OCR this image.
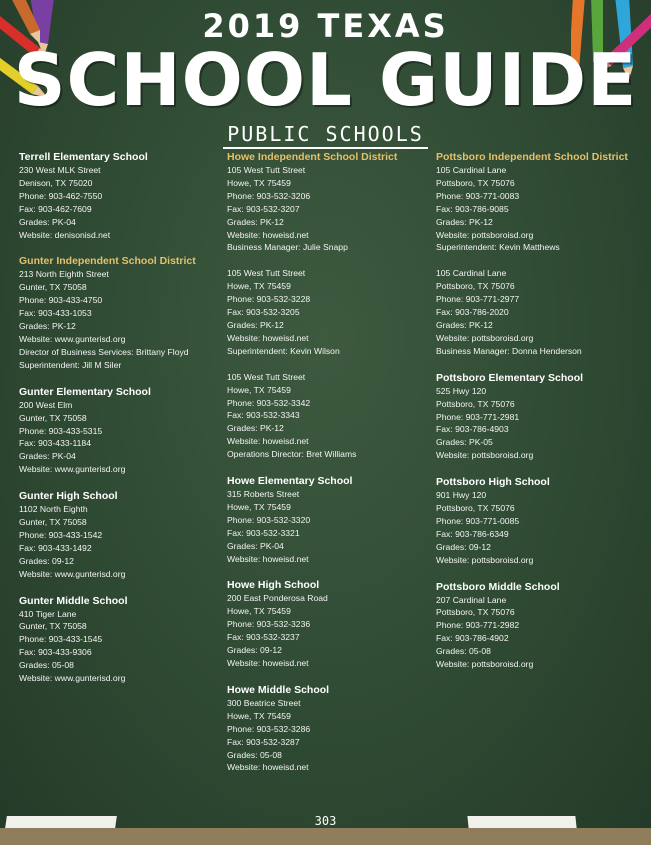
2019 TEXAS
SCHOOL GUIDE
PUBLIC SCHOOLS
Terrell Elementary School
230 West MLK Street
Denison, TX 75020
Phone: 903-462-7550
Fax: 903-462-7609
Grades: PK-04
Website: denisonisd.net
Gunter Independent School District
213 North Eighth Street
Gunter, TX 75058
Phone: 903-433-4750
Fax: 903-433-1053
Grades: PK-12
Website: www.gunterisd.org
Director of Business Services: Brittany Floyd
Superintendent: Jill M Siler
Gunter Elementary School
200 West Elm
Gunter, TX 75058
Phone: 903-433-5315
Fax: 903-433-1184
Grades: PK-04
Website: www.gunterisd.org
Gunter High School
1102 North Eighth
Gunter, TX 75058
Phone: 903-433-1542
Fax: 903-433-1492
Grades: 09-12
Website: www.gunterisd.org
Gunter Middle School
410 Tiger Lane
Gunter, TX 75058
Phone: 903-433-1545
Fax: 903-433-9306
Grades: 05-08
Website: www.gunterisd.org
Howe Independent School District
105 West Tutt Street
Howe, TX 75459
Phone: 903-532-3206
Fax: 903-532-3207
Grades: PK-12
Website: howeisd.net
Business Manager: Julie Snapp
105 West Tutt Street
Howe, TX 75459
Phone: 903-532-3228
Fax: 903-532-3205
Grades: PK-12
Website: howeisd.net
Superintendent: Kevin Wilson
105 West Tutt Street
Howe, TX 75459
Phone: 903-532-3342
Fax: 903-532-3343
Grades: PK-12
Website: howeisd.net
Operations Director: Bret Williams
Howe Elementary School
315 Roberts Street
Howe, TX 75459
Phone: 903-532-3320
Fax: 903-532-3321
Grades: PK-04
Website: howeisd.net
Howe High School
200 East Ponderosa Road
Howe, TX 75459
Phone: 903-532-3236
Fax: 903-532-3237
Grades: 09-12
Website: howeisd.net
Howe Middle School
300 Beatrice Street
Howe, TX 75459
Phone: 903-532-3286
Fax: 903-532-3287
Grades: 05-08
Website: howeisd.net
Pottsboro Independent School District
105 Cardinal Lane
Pottsboro, TX 75076
Phone: 903-771-0083
Fax: 903-786-9085
Grades: PK-12
Website: pottsboroisd.org
Superintendent: Kevin Matthews
105 Cardinal Lane
Pottsboro, TX 75076
Phone: 903-771-2977
Fax: 903-786-2020
Grades: PK-12
Website: pottsboroisd.org
Business Manager: Donna Henderson
Pottsboro Elementary School
525 Hwy 120
Pottsboro, TX 75076
Phone: 903-771-2981
Fax: 903-786-4903
Grades: PK-05
Website: pottsboroisd.org
Pottsboro High School
901 Hwy 120
Pottsboro, TX 75076
Phone: 903-771-0085
Fax: 903-786-6349
Grades: 09-12
Website: pottsboroisd.org
Pottsboro Middle School
207 Cardinal Lane
Pottsboro, TX 75076
Phone: 903-771-2982
Fax: 903-786-4902
Grades: 05-08
Website: pottsboroisd.org
303
